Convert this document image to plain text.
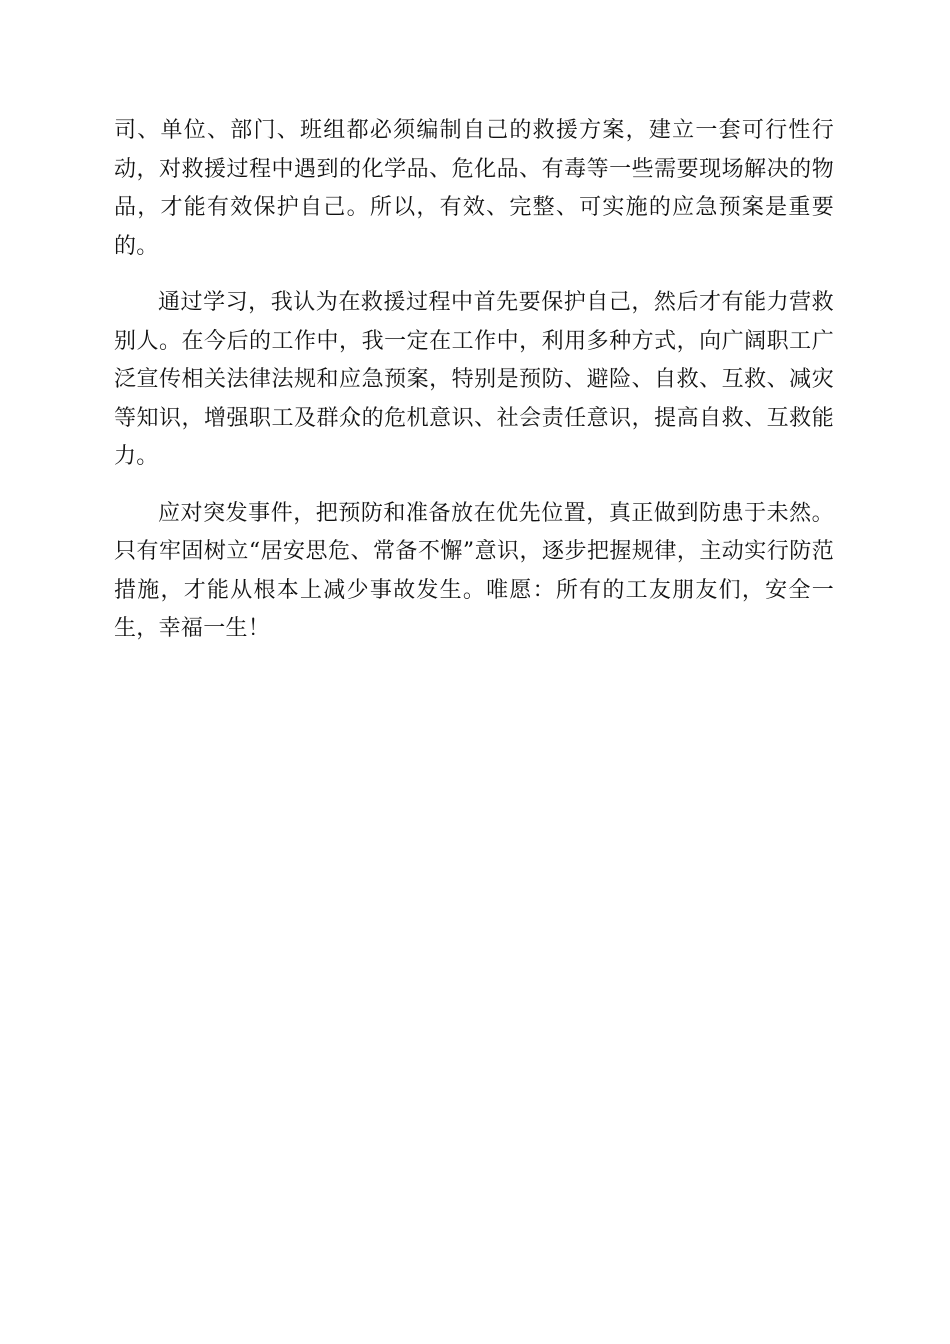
司、单位、部门、班组都必须编制自己的救援方案，建立一套可行性行动，对救援过程中遇到的化学品、危化品、有毒等一些需要现场解决的物品，才能有效保护自己。所以，有效、完整、可实施的应急预案是重要的。

通过学习，我认为在救援过程中首先要保护自己，然后才有能力营救别人。在今后的工作中，我一定在工作中，利用多种方式，向广阔职工广泛宣传相关法律法规和应急预案，特别是预防、避险、自救、互救、减灾等知识，增强职工及群众的危机意识、社会责任意识，提高自救、互救能力。

应对突发事件，把预防和准备放在优先位置，真正做到防患于未然。只有牢固树立“居安思危、常备不懈”意识，逐步把握规律，主动实行防范措施，才能从根本上减少事故发生。唯愿：所有的工友朋友们，安全一生，幸福一生！
